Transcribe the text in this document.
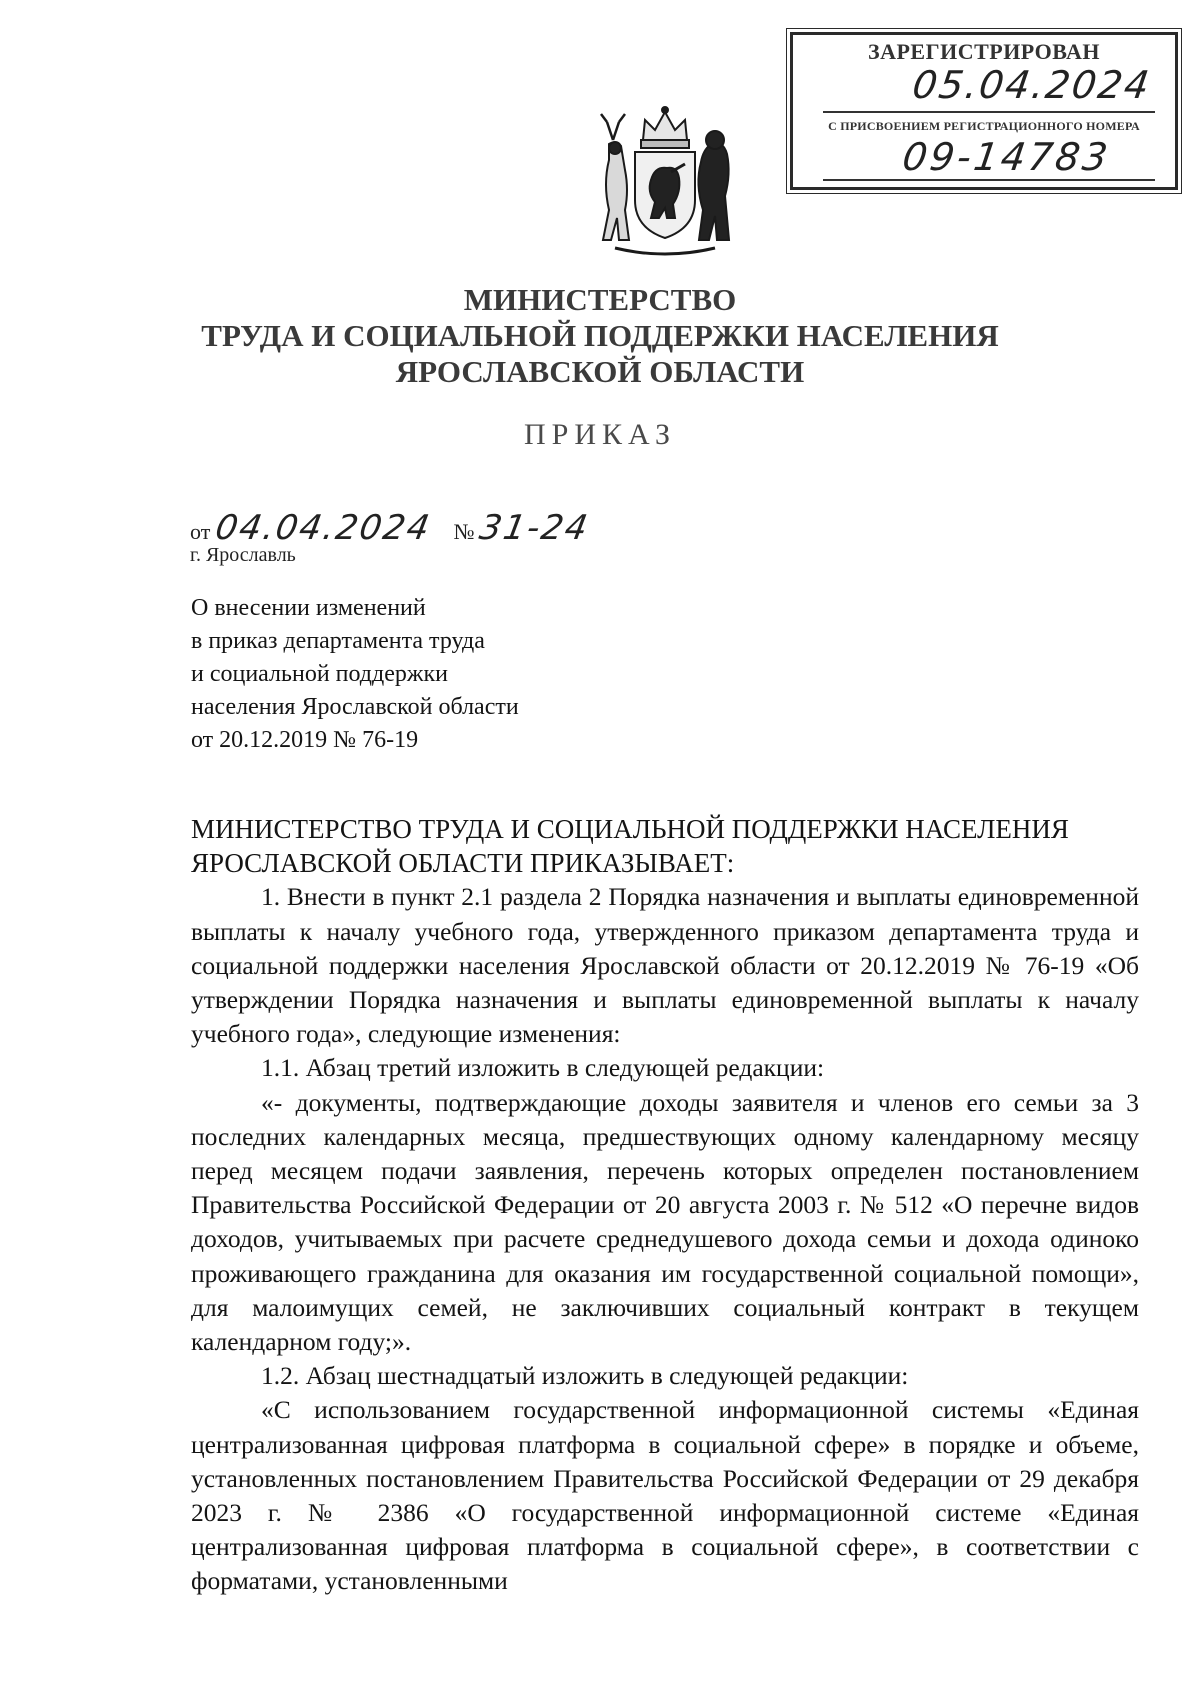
ЗАРЕГИСТРИРОВАН
05.04.2024
С ПРИСВОЕНИЕМ РЕГИСТРАЦИОННОГО НОМЕРА
09-14783
МИНИСТЕРСТВО
ТРУДА И СОЦИАЛЬНОЙ ПОДДЕРЖКИ НАСЕЛЕНИЯ
ЯРОСЛАВСКОЙ ОБЛАСТИ
ПРИКАЗ
от 04.04.2024 № 31-24
г. Ярославль
О внесении изменений
в приказ департамента труда
и социальной поддержки
населения Ярославской области
от 20.12.2019 № 76-19
МИНИСТЕРСТВО ТРУДА И СОЦИАЛЬНОЙ ПОДДЕРЖКИ НАСЕЛЕНИЯ
ЯРОСЛАВСКОЙ ОБЛАСТИ ПРИКАЗЫВАЕТ:

1. Внести в пункт 2.1 раздела 2 Порядка назначения и выплаты единовременной выплаты к началу учебного года, утвержденного приказом департамента труда и социальной поддержки населения Ярославской области от 20.12.2019 № 76-19 «Об утверждении Порядка назначения и выплаты единовременной выплаты к началу учебного года», следующие изменения:

1.1. Абзац третий изложить в следующей редакции:

«- документы, подтверждающие доходы заявителя и членов его семьи за 3 последних календарных месяца, предшествующих одному календарному месяцу перед месяцем подачи заявления, перечень которых определен постановлением Правительства Российской Федерации от 20 августа 2003 г. № 512 «О перечне видов доходов, учитываемых при расчете среднедушевого дохода семьи и дохода одиноко проживающего гражданина для оказания им государственной социальной помощи», для малоимущих семей, не заключивших социальный контракт в текущем календарном году;».

1.2. Абзац шестнадцатый изложить в следующей редакции:

«С использованием государственной информационной системы «Единая централизованная цифровая платформа в социальной сфере» в порядке и объеме, установленных постановлением Правительства Российской Федерации от 29 декабря 2023 г. № 2386 «О государственной информационной системе «Единая централизованная цифровая платформа в социальной сфере», в соответствии с форматами, установленными
